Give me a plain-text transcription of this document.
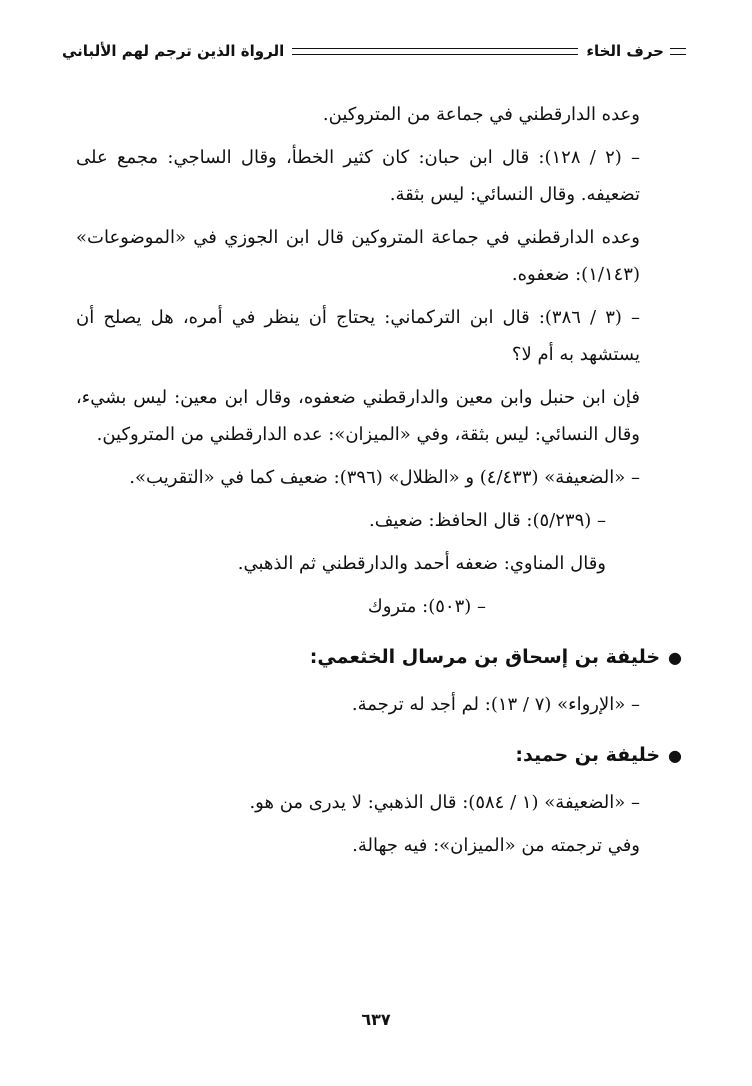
حرف الخاء
الرواة الذين ترجم لهم الألباني

وعده الدارقطني في جماعة من المتروكين.

– (٢ / ١٢٨): قال ابن حبان: كان كثير الخطأ، وقال الساجي: مجمع على تضعيفه. وقال النسائي: ليس بثقة.

وعده الدارقطني في جماعة المتروكين قال ابن الجوزي في «الموضوعات» (١/١٤٣): ضعفوه.

– (٣ / ٣٨٦): قال ابن التركماني: يحتاج أن ينظر في أمره، هل يصلح أن يستشهد به أم لا؟

فإن ابن حنبل وابن معين والدارقطني ضعفوه، وقال ابن معين: ليس بشيء، وقال النسائي: ليس بثقة، وفي «الميزان»: عده الدارقطني من المتروكين.

– «الضعيفة» (٤/٤٣٣) و «الظلال» (٣٩٦): ضعيف كما في «التقريب».

– (٥/٢٣٩): قال الحافظ: ضعيف.

وقال المناوي: ضعفه أحمد والدارقطني ثم الذهبي.

– (٥٠٣): متروك

●خليفة بن إسحاق بن مرسال الخثعمي:

– «الإرواء» (٧ / ١٣): لم أجد له ترجمة.

●خليفة بن حميد:

– «الضعيفة» (١ / ٥٨٤): قال الذهبي: لا يدرى من هو.

وفي ترجمته من «الميزان»: فيه جهالة.

٦٣٧
